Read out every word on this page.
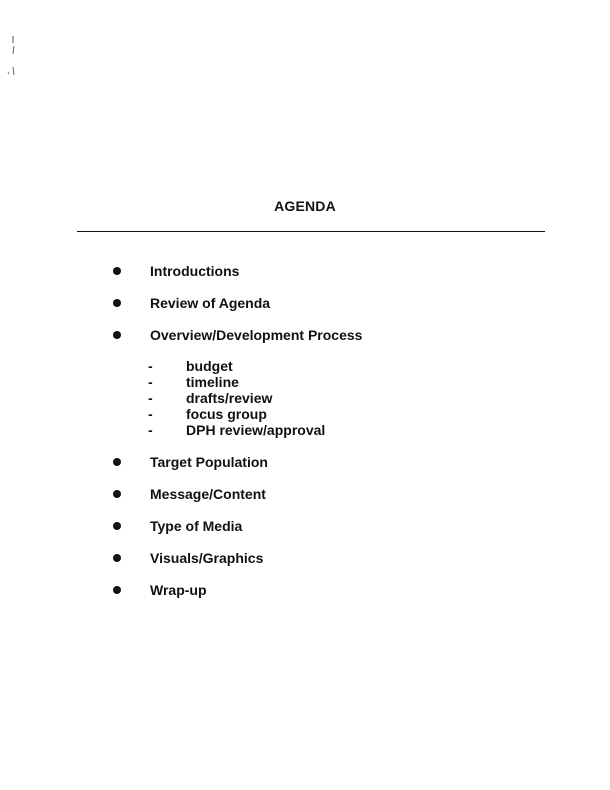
AGENDA
Introductions
Review of Agenda
Overview/Development Process
- budget
- timeline
- drafts/review
- focus group
- DPH review/approval
Target Population
Message/Content
Type of Media
Visuals/Graphics
Wrap-up
